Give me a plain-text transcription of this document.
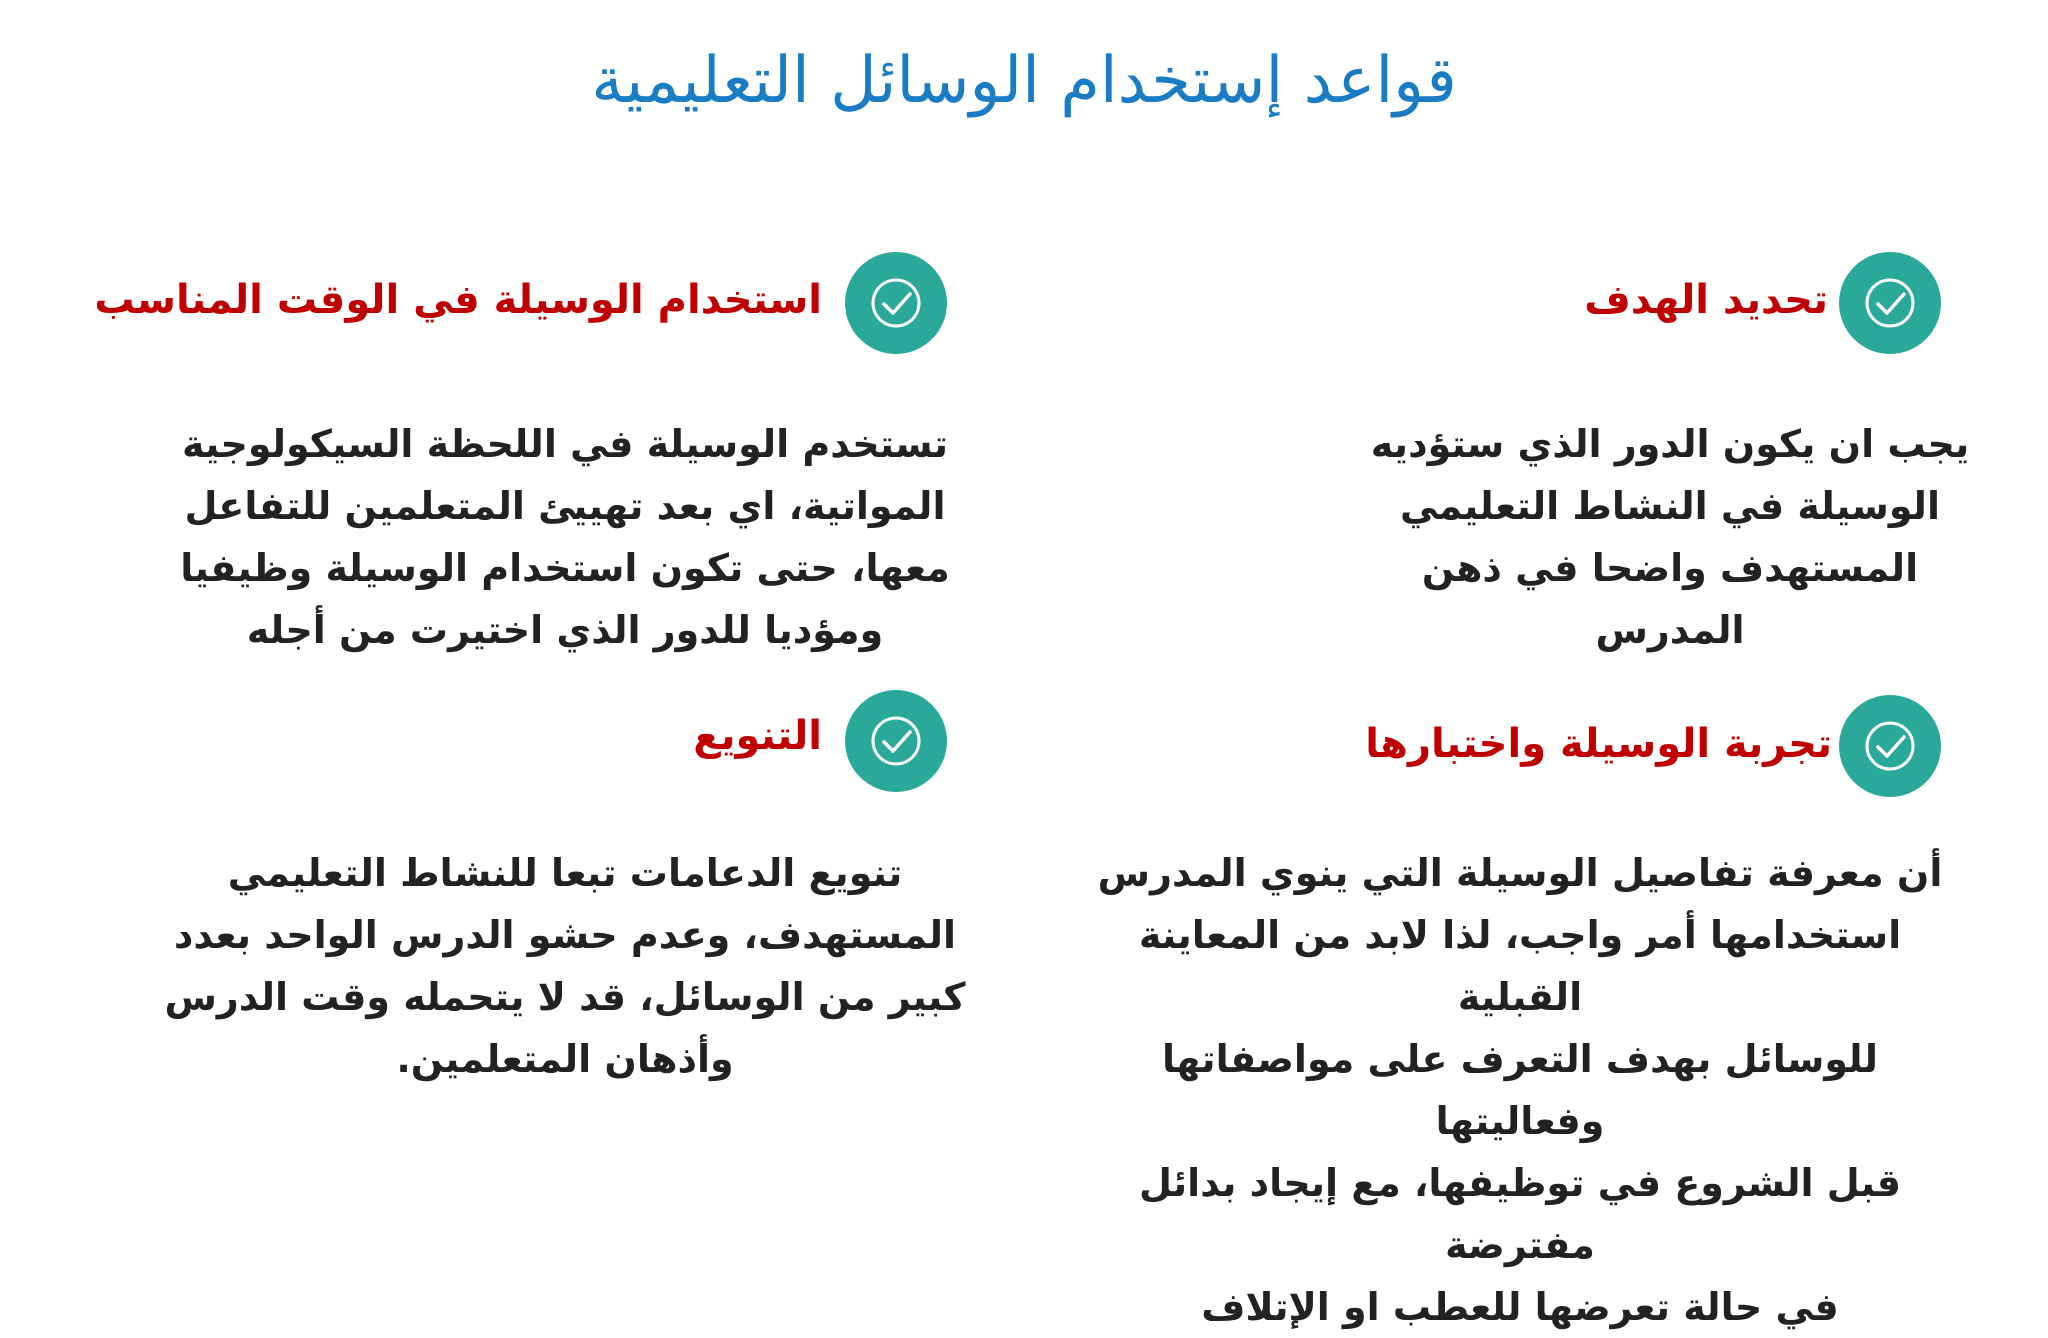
قواعد إستخدام الوسائل التعليمية
تحديد الهدف
يجب ان يكون الدور الذي ستؤديه
الوسيلة في النشاط التعليمي
المستهدف واضحا في ذهن
المدرس
استخدام الوسيلة في الوقت المناسب
تستخدم الوسيلة في اللحظة السيكولوجية
المواتية، اي بعد تهييئ المتعلمين للتفاعل
معها، حتى تكون استخدام الوسيلة وظيفيا
ومؤديا للدور الذي اختيرت من أجله
تجربة الوسيلة واختبارها
أن معرفة تفاصيل الوسيلة التي ينوي المدرس
استخدامها أمر واجب، لذا لابد من المعاينة القبلية
للوسائل بهدف التعرف على مواصفاتها وفعاليتها
قبل الشروع في توظيفها، مع إيجاد بدائل مفترضة
في حالة تعرضها للعطب او الإتلاف
التنويع
تنويع الدعامات تبعا للنشاط التعليمي
المستهدف، وعدم حشو الدرس الواحد بعدد
كبير من الوسائل، قد لا يتحمله وقت الدرس
وأذهان المتعلمين.
